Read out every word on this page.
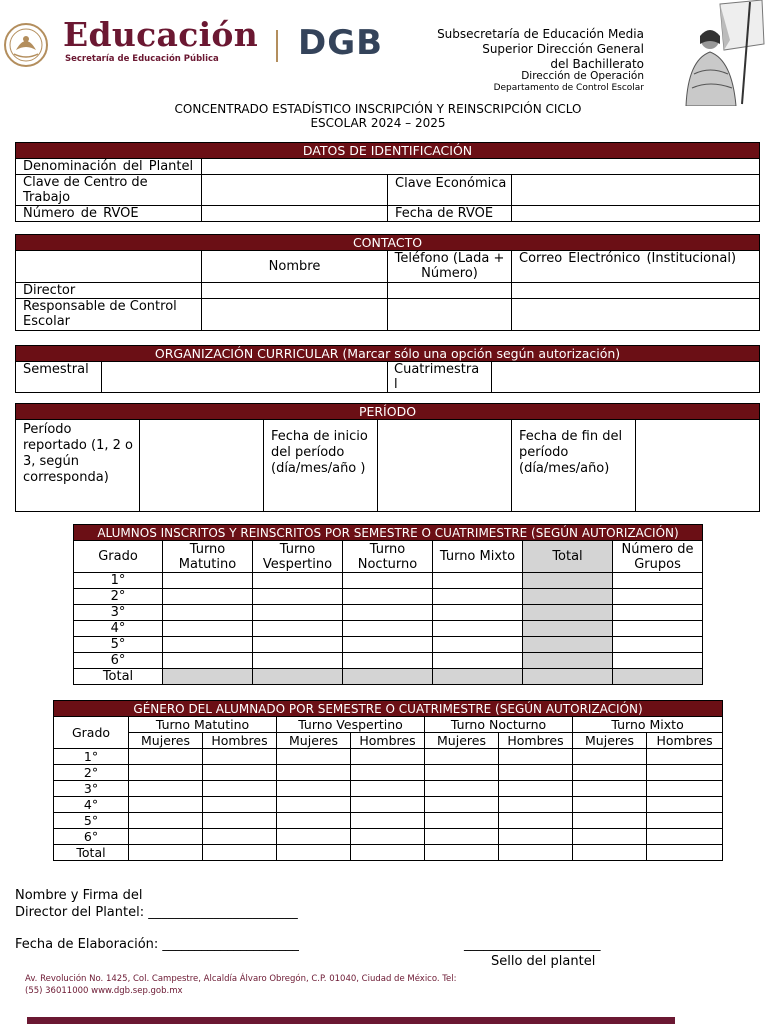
Educación
Secretaría de Educación Pública DGB	Subsecretaría de Educación Media
Superior Dirección General
del Bachillerato
Dirección de Operación
Departamento de Control Escolar
CONCENTRADO ESTADÍSTICO INSCRIPCIÓN Y REINSCRIPCIÓN CICLO
ESCOLAR 2024 – 2025
DATOS DE IDENTIFICACIÓN			
Denominación del Plantel			
Clave de Centro de Trabajo		Clave Económica	
Número de RVOE		Fecha de RVOE	
CONTACTO			
	Nombre	Teléfono (Lada + Número)	Correo Electrónico (Institucional)
Director			
Responsable de Control Escolar			
ORGANIZACIÓN CURRICULAR (Marcar sólo una opción según autorización)
Semestral		Cuatrimestra
l	
PERÍODO
Período reportado (1, 2 o 3, según corresponda)		Fecha de inicio del período (día/mes/año )		Fecha de fin del período (día/mes/año)	
ALUMNOS INSCRITOS Y REINSCRITOS POR SEMESTRE O CUATRIMESTRE (SEGÚN AUTORIZACIÓN)						
Grado	Turno Matutino	Turno Vespertino	Turno Nocturno	Turno Mixto	Total	Número de Grupos
1°						
2°						
3°						
4°						
5°						
6°						
Total						
GÉNERO DEL ALUMNADO POR SEMESTRE O CUATRIMESTRE (SEGÚN AUTORIZACIÓN)								
Grado	Turno Matutino		Turno Vespertino		Turno Nocturno		Turno Mixto	
	Mujeres	Hombres	Mujeres	Hombres	Mujeres	Hombres	Mujeres	Hombres
1°								
2°								
3°								
4°								
5°								
6°								
Total								
Nombre y Firma del
Director del Plantel: _______________________
Fecha de Elaboración: _____________________	_____________________
Sello del plantel
Av. Revolución No. 1425, Col. Campestre, Alcaldía Álvaro Obregón, C.P. 01040, Ciudad de México. Tel: (55) 36011000 www.dgb.sep.gob.mx
